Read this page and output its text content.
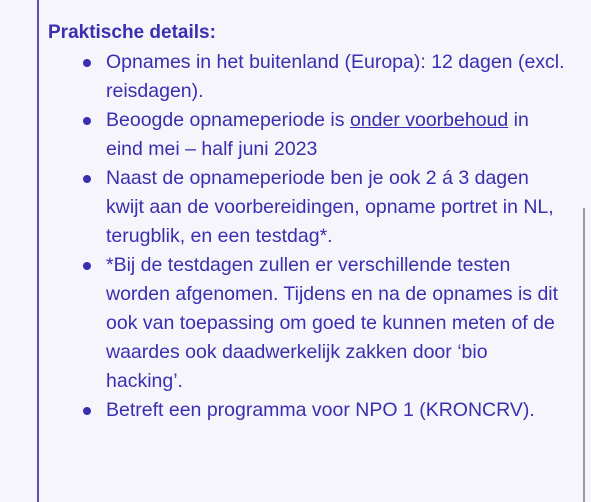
Praktische details:
Opnames in het buitenland (Europa): 12 dagen (excl. reisdagen).
Beoogde opnameperiode is onder voorbehoud in eind mei – half juni 2023
Naast de opnameperiode ben je ook 2 á 3 dagen kwijt aan de voorbereidingen, opname portret in NL, terugblik, en een testdag*.
*Bij de testdagen zullen er verschillende testen worden afgenomen. Tijdens en na de opnames is dit ook van toepassing om goed te kunnen meten of de waardes ook daadwerkelijk zakken door ‘bio hacking’.
Betreft een programma voor NPO 1 (KRONCRV).
